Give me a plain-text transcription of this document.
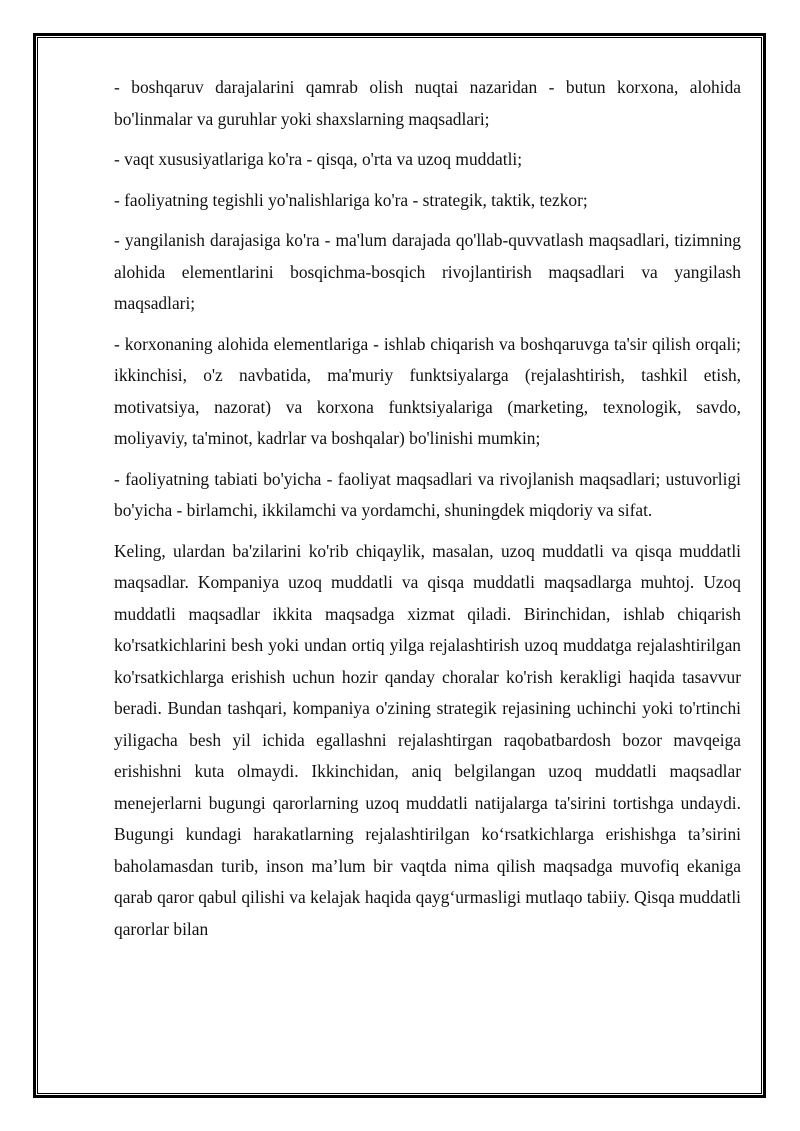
- boshqaruv darajalarini qamrab olish nuqtai nazaridan - butun korxona, alohida bo'linmalar va guruhlar yoki shaxslarning maqsadlari;

- vaqt xususiyatlariga ko'ra - qisqa, o'rta va uzoq muddatli;

- faoliyatning tegishli yo'nalishlariga ko'ra - strategik, taktik, tezkor;

- yangilanish darajasiga ko'ra - ma'lum darajada qo'llab-quvvatlash maqsadlari, tizimning alohida elementlarini bosqichma-bosqich rivojlantirish maqsadlari va yangilash maqsadlari;

- korxonaning alohida elementlariga - ishlab chiqarish va boshqaruvga ta'sir qilish orqali; ikkinchisi, o'z navbatida, ma'muriy funktsiyalarga (rejalashtirish, tashkil etish, motivatsiya, nazorat) va korxona funktsiyalariga (marketing, texnologik, savdo, moliyaviy, ta'minot, kadrlar va boshqalar) bo'linishi mumkin;

- faoliyatning tabiati bo'yicha - faoliyat maqsadlari va rivojlanish maqsadlari; ustuvorligi bo'yicha - birlamchi, ikkilamchi va yordamchi, shuningdek miqdoriy va sifat.

Keling, ulardan ba'zilarini ko'rib chiqaylik, masalan, uzoq muddatli va qisqa muddatli maqsadlar. Kompaniya uzoq muddatli va qisqa muddatli maqsadlarga muhtoj. Uzoq muddatli maqsadlar ikkita maqsadga xizmat qiladi. Birinchidan, ishlab chiqarish ko'rsatkichlarini besh yoki undan ortiq yilga rejalashtirish uzoq muddatga rejalashtirilgan ko'rsatkichlarga erishish uchun hozir qanday choralar ko'rish kerakligi haqida tasavvur beradi. Bundan tashqari, kompaniya o'zining strategik rejasining uchinchi yoki to'rtinchi yiligacha besh yil ichida egallashni rejalashtirgan raqobatbardosh bozor mavqeiga erishishni kuta olmaydi. Ikkinchidan, aniq belgilangan uzoq muddatli maqsadlar menejerlarni bugungi qarorlarning uzoq muddatli natijalarga ta'sirini tortishga undaydi. Bugungi kundagi harakatlarning rejalashtirilgan ko‘rsatkichlarga erishishga ta’sirini baholamasdan turib, inson ma’lum bir vaqtda nima qilish maqsadga muvofiq ekaniga qarab qaror qabul qilishi va kelajak haqida qayg‘urmasligi mutlaqo tabiiy. Qisqa muddatli qarorlar bilan
